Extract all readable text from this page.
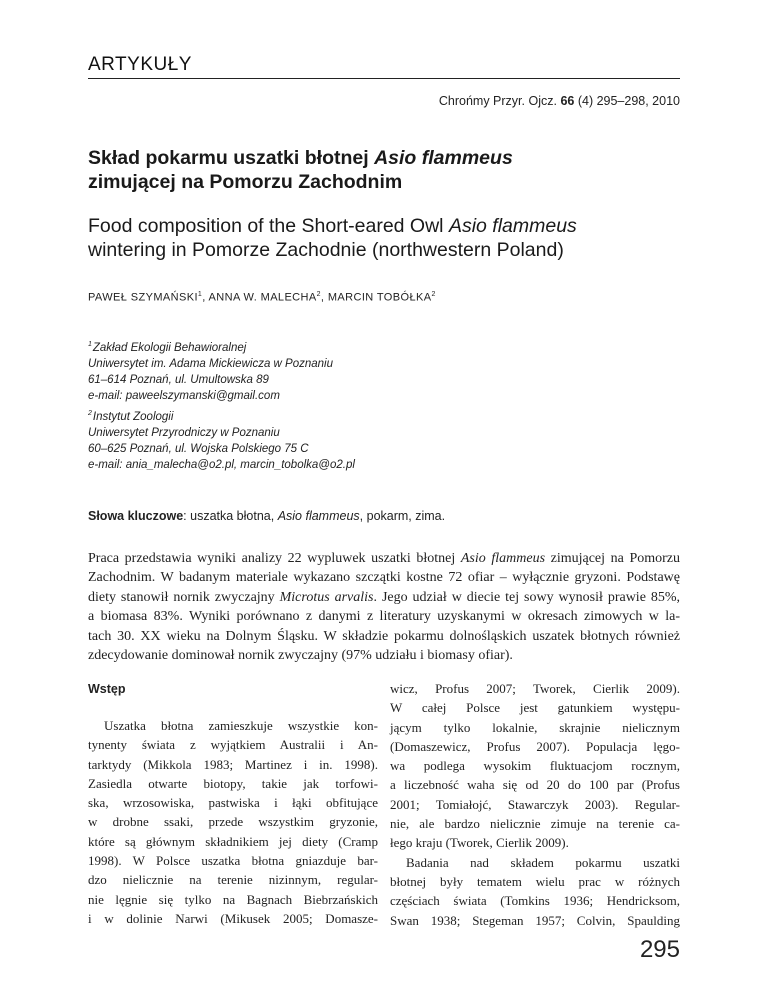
ARTYKUŁY
Chrońmy Przyr. Ojcz. 66 (4) 295–298, 2010
Skład pokarmu uszatki błotnej Asio flammeus
zimującej na Pomorzu Zachodnim
Food composition of the Short-eared Owl Asio flammeus
wintering in Pomorze Zachodnie (northwestern Poland)
PAWEŁ SZYMAŃSKI$^1$, ANNA W. MALECHA$^2$, MARCIN TOBÓŁKA$^2$
$^1$ Zakład Ekologii Behawioralnej
Uniwersytet im. Adama Mickiewicza w Poznaniu
61–614 Poznań, ul. Umultowska 89
e-mail: paweelszymanski@gmail.com
$^2$ Instytut Zoologii
Uniwersytet Przyrodniczy w Poznaniu
60–625 Poznań, ul. Wojska Polskiego 75 C
e-mail: ania_malecha@o2.pl, marcin_tobolka@o2.pl
Słowa kluczowe: uszatka błotna, Asio flammeus, pokarm, zima.
Praca przedstawia wyniki analizy 22 wypluwek uszatki błotnej Asio flammeus zimującej na Pomorzu
Zachodnim. W badanym materiale wykazano szczątki kostne 72 ofiar – wyłącznie gryzoni. Podstawę
diety stanowił nornik zwyczajny Microtus arvalis. Jego udział w diecie tej sowy wynosił prawie 85%,
a biomasa 83%. Wyniki porównano z danymi z literatury uzyskanymi w okresach zimowych w la-
tach 30. XX wieku na Dolnym Śląsku. W składzie pokarmu dolnośląskich uszatek błotnych również
zdecydowanie dominował nornik zwyczajny (97% udziału i biomasy ofiar).
Wstęp
Uszatka błotna zamieszkuje wszystkie kon-
tynenty świata z wyjątkiem Australii i An-
tarktydy (Mikkola 1983; Martinez i in. 1998).
Zasiedla otwarte biotopy, takie jak torfowi-
ska, wrzosowiska, pastwiska i łąki obfitujące
w drobne ssaki, przede wszystkim gryzonie,
które są głównym składnikiem jej diety (Cramp
1998). W Polsce uszatka błotna gniazduje bar-
dzo nielicznie na terenie nizinnym, regular-
nie lęgnie się tylko na Bagnach Biebrzańskich
i w dolinie Narwi (Mikusek 2005; Domasze-
wicz, Profus 2007; Tworek, Cierlik 2009).
W całej Polsce jest gatunkiem występu-
jącym tylko lokalnie, skrajnie nielicznym
(Domaszewicz, Profus 2007). Populacja lęgo-
wa podlega wysokim fluktuacjom rocznym,
a liczebność waha się od 20 do 100 par (Profus
2001; Tomiałojć, Stawarczyk 2003). Regular-
nie, ale bardzo nielicznie zimuje na terenie ca-
łego kraju (Tworek, Cierlik 2009).
Badania nad składem pokarmu uszatki
błotnej były tematem wielu prac w różnych
częściach świata (Tomkins 1936; Hendricksom,
Swan 1938; Stegeman 1957; Colvin, Spaulding
295
